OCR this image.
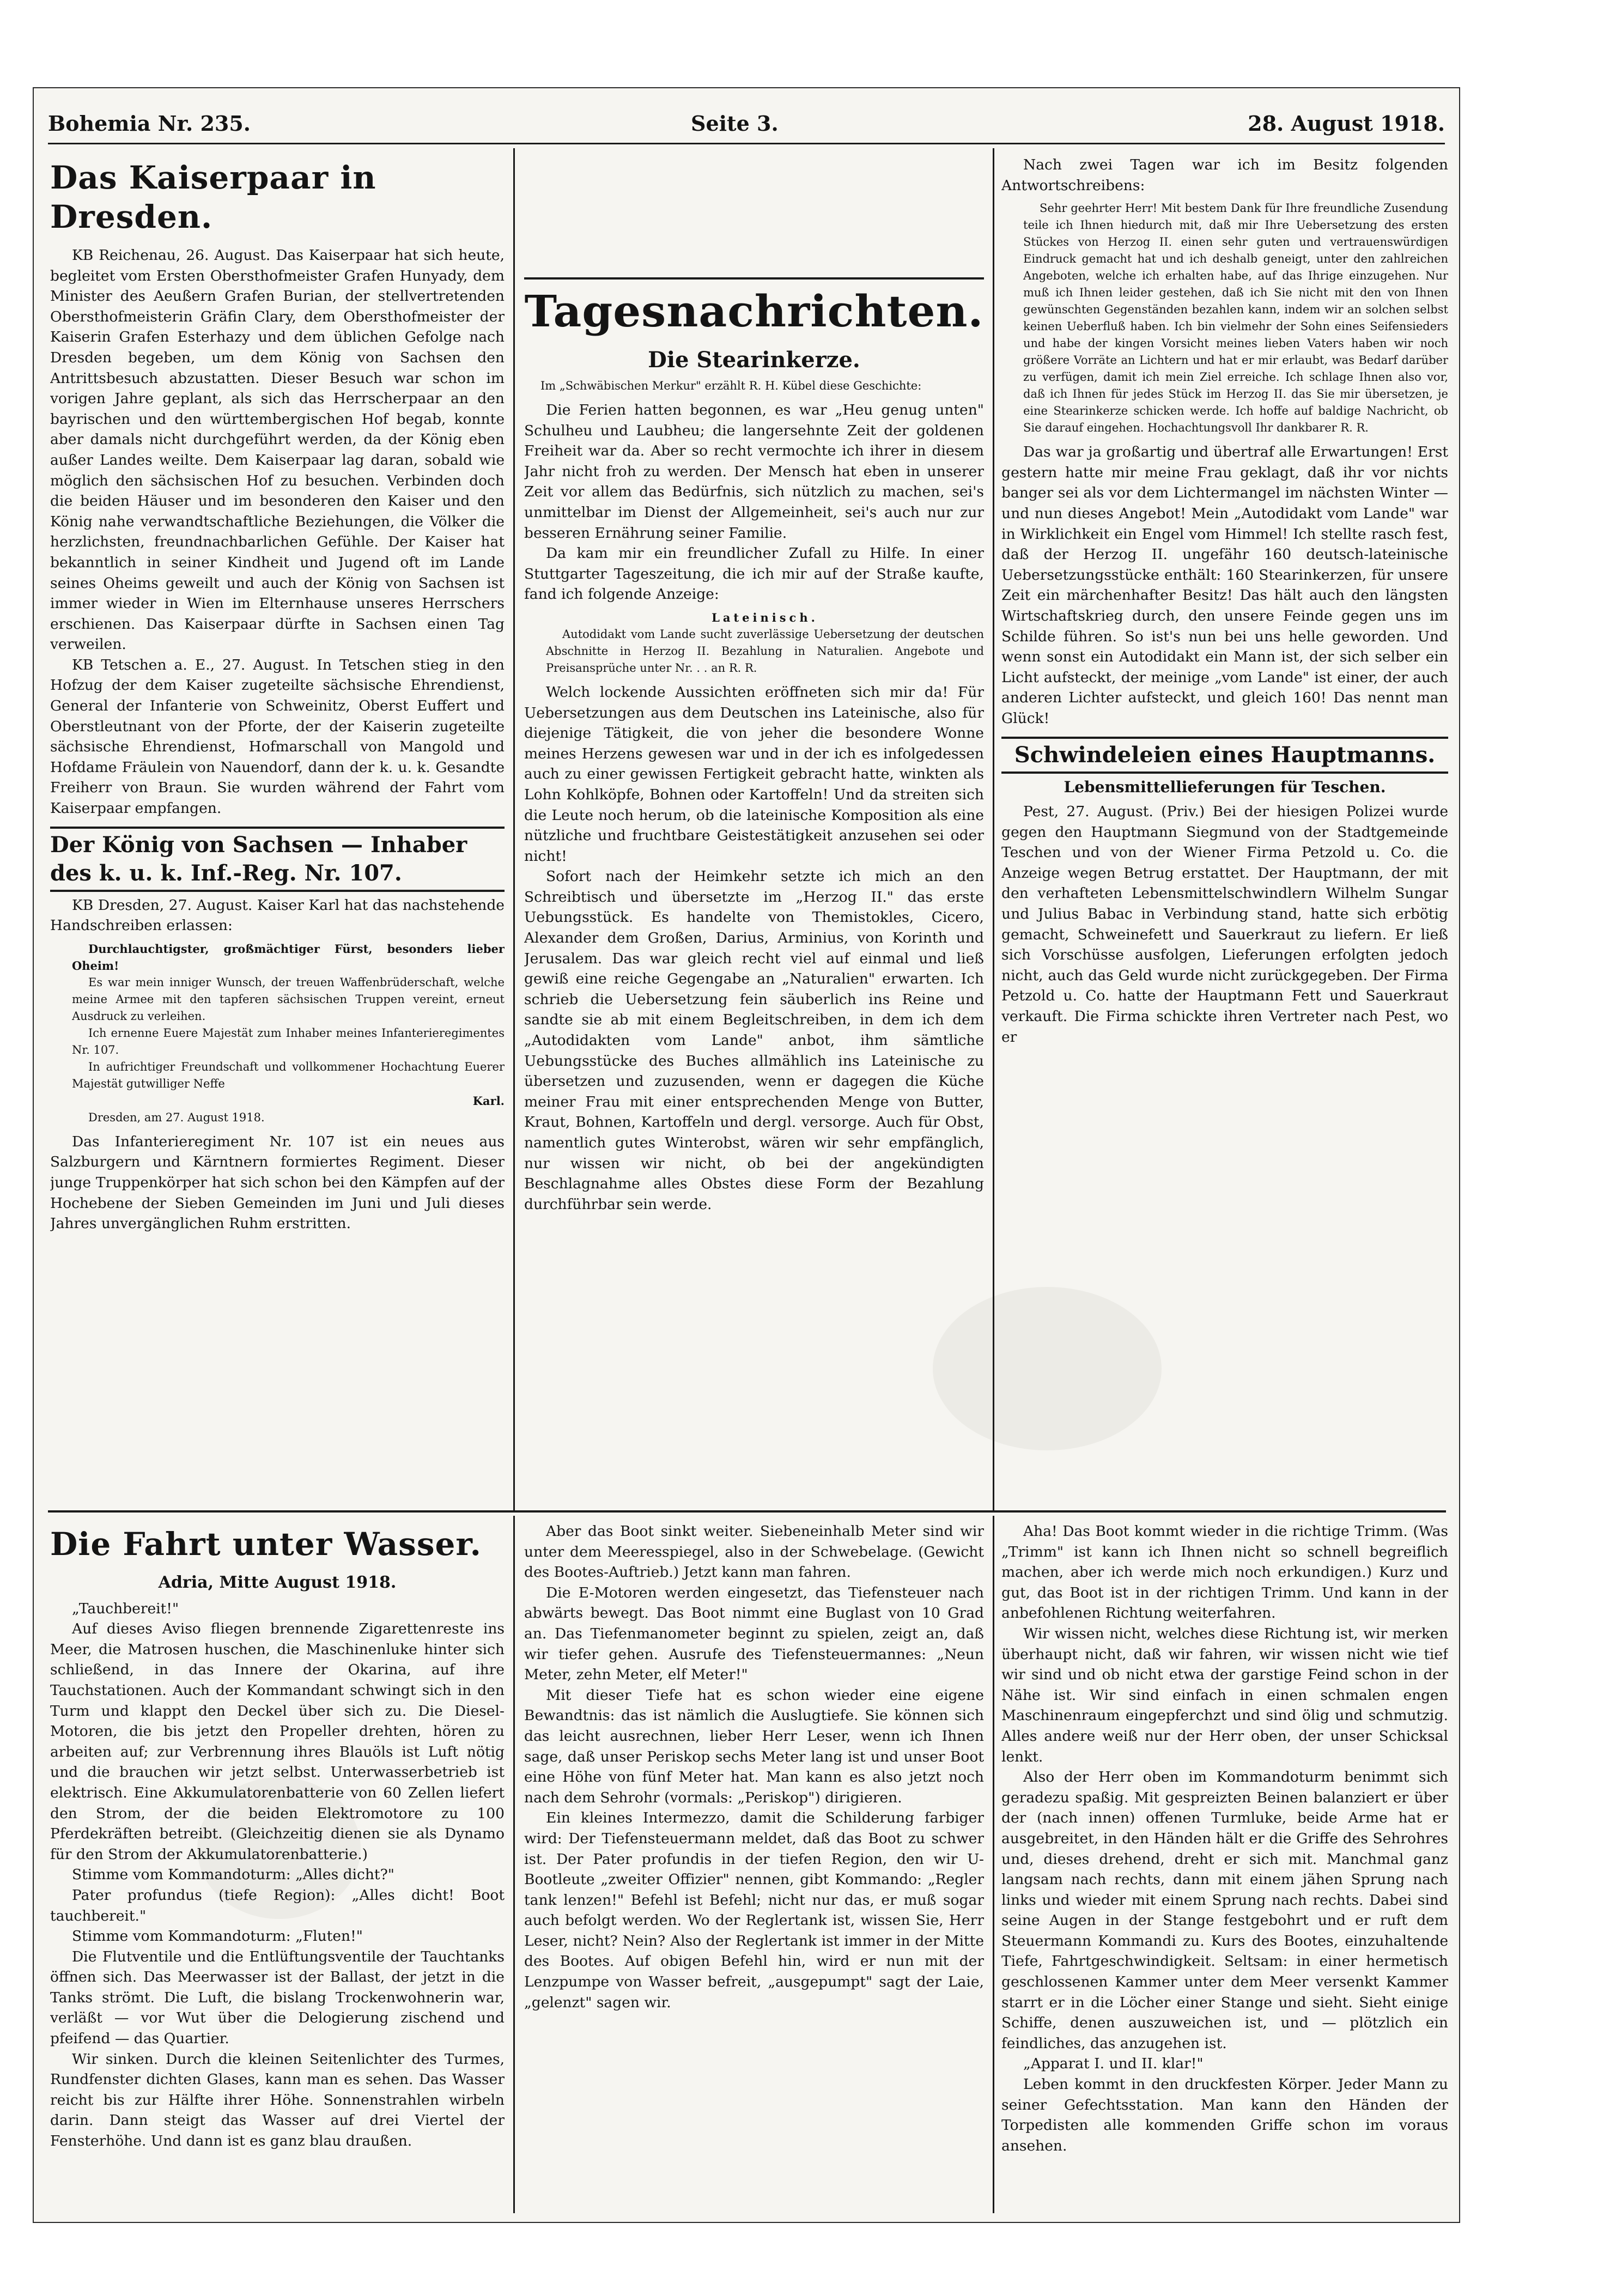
Bohemia Nr. 235.	Seite 3.	28. August 1918.
Das Kaiserpaar in Dresden.

KB Reichenau, 26. August. Das Kaiserpaar hat sich heute, begleitet vom Ersten Obersthofmeister Grafen Hunyady, dem Minister des Aeußern Grafen Burian, der stellvertretenden Obersthofmeisterin Gräfin Clary, dem Obersthofmeister der Kaiserin Grafen Esterhazy und dem üblichen Gefolge nach Dresden begeben, um dem König von Sachsen den Antrittsbesuch abzustatten. Dieser Besuch war schon im vorigen Jahre geplant, als sich das Herrscherpaar an den bayrischen und den württembergischen Hof begab, konnte aber damals nicht durchgeführt werden, da der König eben außer Landes weilte. Dem Kaiserpaar lag daran, sobald wie möglich den sächsischen Hof zu besuchen. Verbinden doch die beiden Häuser und im besonderen den Kaiser und den König nahe verwandtschaftliche Beziehungen, die Völker die herzlichsten, freundnachbarlichen Gefühle. Der Kaiser hat bekanntlich in seiner Kindheit und Jugend oft im Lande seines Oheims geweilt und auch der König von Sachsen ist immer wieder in Wien im Elternhause unseres Herrschers erschienen. Das Kaiserpaar dürfte in Sachsen einen Tag verweilen.

KB Tetschen a. E., 27. August. In Tetschen stieg in den Hofzug der dem Kaiser zugeteilte sächsische Ehrendienst, General der Infanterie von Schweinitz, Oberst Euffert und Oberstleutnant von der Pforte, der der Kaiserin zugeteilte sächsische Ehrendienst, Hofmarschall von Mangold und Hofdame Fräulein von Nauendorf, dann der k. u. k. Gesandte Freiherr von Braun. Sie wurden während der Fahrt vom Kaiserpaar empfangen.

Der König von Sachsen — Inhaber des k. u. k. Inf.-Reg. Nr. 107.

KB Dresden, 27. August. Kaiser Karl hat das nachstehende Handschreiben erlassen:

Durchlauchtigster, großmächtiger Fürst, besonders lieber Oheim!

Es war mein inniger Wunsch, der treuen Waffenbrüderschaft, welche meine Armee mit den tapferen sächsischen Truppen vereint, erneut Ausdruck zu verleihen.

Ich ernenne Euere Majestät zum Inhaber meines Infanterieregimentes Nr. 107.

In aufrichtiger Freundschaft und vollkommener Hochachtung Euerer Majestät gutwilliger Neffe

Karl.

Dresden, am 27. August 1918.

Das Infanterieregiment Nr. 107 ist ein neues aus Salzburgern und Kärntnern formiertes Regiment. Dieser junge Truppenkörper hat sich schon bei den Kämpfen auf der Hochebene der Sieben Gemeinden im Juni und Juli dieses Jahres unvergänglichen Ruhm erstritten.

Tagesnachrichten.
Die Stearinkerze.
Im „Schwäbischen Merkur" erzählt R. H. Kübel diese Geschichte:

Die Ferien hatten begonnen, es war „Heu genug unten" Schulheu und Laubheu; die langersehnte Zeit der goldenen Freiheit war da. Aber so recht vermochte ich ihrer in diesem Jahr nicht froh zu werden. Der Mensch hat eben in unserer Zeit vor allem das Bedürfnis, sich nützlich zu machen, sei's unmittelbar im Dienst der Allgemeinheit, sei's auch nur zur besseren Ernährung seiner Familie.

Da kam mir ein freundlicher Zufall zu Hilfe. In einer Stuttgarter Tageszeitung, die ich mir auf der Straße kaufte, fand ich folgende Anzeige:

Lateinisch.

Autodidakt vom Lande sucht zuverlässige Uebersetzung der deutschen Abschnitte in Herzog II. Bezahlung in Naturalien. Angebote und Preisansprüche unter Nr. . . an R. R.

Welch lockende Aussichten eröffneten sich mir da! Für Uebersetzungen aus dem Deutschen ins Lateinische, also für diejenige Tätigkeit, die von jeher die besondere Wonne meines Herzens gewesen war und in der ich es infolgedessen auch zu einer gewissen Fertigkeit gebracht hatte, winkten als Lohn Kohlköpfe, Bohnen oder Kartoffeln! Und da streiten sich die Leute noch herum, ob die lateinische Komposition als eine nützliche und fruchtbare Geistestätigkeit anzusehen sei oder nicht!

Sofort nach der Heimkehr setzte ich mich an den Schreibtisch und übersetzte im „Herzog II." das erste Uebungsstück. Es handelte von Themistokles, Cicero, Alexander dem Großen, Darius, Arminius, von Korinth und Jerusalem. Das war gleich recht viel auf einmal und ließ gewiß eine reiche Gegengabe an „Naturalien" erwarten. Ich schrieb die Uebersetzung fein säuberlich ins Reine und sandte sie ab mit einem Begleitschreiben, in dem ich dem „Autodidakten vom Lande" anbot, ihm sämtliche Uebungsstücke des Buches allmählich ins Lateinische zu übersetzen und zuzusenden, wenn er dagegen die Küche meiner Frau mit einer entsprechenden Menge von Butter, Kraut, Bohnen, Kartoffeln und dergl. versorge. Auch für Obst, namentlich gutes Winterobst, wären wir sehr empfänglich, nur wissen wir nicht, ob bei der angekündigten Beschlagnahme alles Obstes diese Form der Bezahlung durchführbar sein werde.

Nach zwei Tagen war ich im Besitz folgenden Antwortschreibens:

Sehr geehrter Herr! Mit bestem Dank für Ihre freundliche Zusendung teile ich Ihnen hiedurch mit, daß mir Ihre Uebersetzung des ersten Stückes von Herzog II. einen sehr guten und vertrauenswürdigen Eindruck gemacht hat und ich deshalb geneigt, unter den zahlreichen Angeboten, welche ich erhalten habe, auf das Ihrige einzugehen. Nur muß ich Ihnen leider gestehen, daß ich Sie nicht mit den von Ihnen gewünschten Gegenständen bezahlen kann, indem wir an solchen selbst keinen Ueberfluß haben. Ich bin vielmehr der Sohn eines Seifensieders und habe der kingen Vorsicht meines lieben Vaters haben wir noch größere Vorräte an Lichtern und hat er mir erlaubt, was Bedarf darüber zu verfügen, damit ich mein Ziel erreiche. Ich schlage Ihnen also vor, daß ich Ihnen für jedes Stück im Herzog II. das Sie mir übersetzen, je eine Stearinkerze schicken werde. Ich hoffe auf baldige Nachricht, ob Sie darauf eingehen. Hochachtungsvoll Ihr dankbarer R. R.

Das war ja großartig und übertraf alle Erwartungen! Erst gestern hatte mir meine Frau geklagt, daß ihr vor nichts banger sei als vor dem Lichtermangel im nächsten Winter — und nun dieses Angebot! Mein „Autodidakt vom Lande" war in Wirklichkeit ein Engel vom Himmel! Ich stellte rasch fest, daß der Herzog II. ungefähr 160 deutsch-lateinische Uebersetzungsstücke enthält: 160 Stearinkerzen, für unsere Zeit ein märchenhafter Besitz! Das hält auch den längsten Wirtschaftskrieg durch, den unsere Feinde gegen uns im Schilde führen. So ist's nun bei uns helle geworden. Und wenn sonst ein Autodidakt ein Mann ist, der sich selber ein Licht aufsteckt, der meinige „vom Lande" ist einer, der auch anderen Lichter aufsteckt, und gleich 160! Das nennt man Glück!

Schwindeleien eines Hauptmanns.
Lebensmittellieferungen für Teschen.

Pest, 27. August. (Priv.) Bei der hiesigen Polizei wurde gegen den Hauptmann Siegmund von der Stadtgemeinde Teschen und von der Wiener Firma Petzold u. Co. die Anzeige wegen Betrug erstattet. Der Hauptmann, der mit den verhafteten Lebensmittelschwindlern Wilhelm Sungar und Julius Babac in Verbindung stand, hatte sich erbötig gemacht, Schweinefett und Sauerkraut zu liefern. Er ließ sich Vorschüsse ausfolgen, Lieferungen erfolgten jedoch nicht, auch das Geld wurde nicht zurückgegeben. Der Firma Petzold u. Co. hatte der Hauptmann Fett und Sauerkraut verkauft. Die Firma schickte ihren Vertreter nach Pest, wo er

Die Fahrt unter Wasser.
Adria, Mitte August 1918.

„Tauchbereit!"

Auf dieses Aviso fliegen brennende Zigarettenreste ins Meer, die Matrosen huschen, die Maschinenluke hinter sich schließend, in das Innere der Okarina, auf ihre Tauchstationen. Auch der Kommandant schwingt sich in den Turm und klappt den Deckel über sich zu. Die Diesel-Motoren, die bis jetzt den Propeller drehten, hören zu arbeiten auf; zur Verbrennung ihres Blauöls ist Luft nötig und die brauchen wir jetzt selbst. Unterwasserbetrieb ist elektrisch. Eine Akkumulatorenbatterie von 60 Zellen liefert den Strom, der die beiden Elektromotore zu 100 Pferdekräften betreibt. (Gleichzeitig dienen sie als Dynamo für den Strom der Akkumulatorenbatterie.)

Stimme vom Kommandoturm: „Alles dicht?"

Pater profundus (tiefe Region): „Alles dicht! Boot tauchbereit."

Stimme vom Kommandoturm: „Fluten!"

Die Flutventile und die Entlüftungsventile der Tauchtanks öffnen sich. Das Meerwasser ist der Ballast, der jetzt in die Tanks strömt. Die Luft, die bislang Trockenwohnerin war, verläßt — vor Wut über die Delogierung zischend und pfeifend — das Quartier.

Wir sinken. Durch die kleinen Seitenlichter des Turmes, Rundfenster dichten Glases, kann man es sehen. Das Wasser reicht bis zur Hälfte ihrer Höhe. Sonnenstrahlen wirbeln darin. Dann steigt das Wasser auf drei Viertel der Fensterhöhe. Und dann ist es ganz blau draußen.

Aber das Boot sinkt weiter. Siebeneinhalb Meter sind wir unter dem Meeresspiegel, also in der Schwebelage. (Gewicht des Bootes-Auftrieb.) Jetzt kann man fahren.

Die E-Motoren werden eingesetzt, das Tiefensteuer nach abwärts bewegt. Das Boot nimmt eine Buglast von 10 Grad an. Das Tiefenmanometer beginnt zu spielen, zeigt an, daß wir tiefer gehen. Ausrufe des Tiefensteuermannes: „Neun Meter, zehn Meter, elf Meter!"

Mit dieser Tiefe hat es schon wieder eine eigene Bewandtnis: das ist nämlich die Auslugtiefe. Sie können sich das leicht ausrechnen, lieber Herr Leser, wenn ich Ihnen sage, daß unser Periskop sechs Meter lang ist und unser Boot eine Höhe von fünf Meter hat. Man kann es also jetzt noch nach dem Sehrohr (vormals: „Periskop") dirigieren.

Ein kleines Intermezzo, damit die Schilderung farbiger wird: Der Tiefensteuermann meldet, daß das Boot zu schwer ist. Der Pater profundis in der tiefen Region, den wir U-Bootleute „zweiter Offizier" nennen, gibt Kommando: „Regler tank lenzen!" Befehl ist Befehl; nicht nur das, er muß sogar auch befolgt werden. Wo der Reglertank ist, wissen Sie, Herr Leser, nicht? Nein? Also der Reglertank ist immer in der Mitte des Bootes. Auf obigen Befehl hin, wird er nun mit der Lenzpumpe von Wasser befreit, „ausgepumpt" sagt der Laie, „gelenzt" sagen wir.

Aha! Das Boot kommt wieder in die richtige Trimm. (Was „Trimm" ist kann ich Ihnen nicht so schnell begreiflich machen, aber ich werde mich noch erkundigen.) Kurz und gut, das Boot ist in der richtigen Trimm. Und kann in der anbefohlenen Richtung weiterfahren.

Wir wissen nicht, welches diese Richtung ist, wir merken überhaupt nicht, daß wir fahren, wir wissen nicht wie tief wir sind und ob nicht etwa der garstige Feind schon in der Nähe ist. Wir sind einfach in einen schmalen engen Maschinenraum eingepferchzt und sind ölig und schmutzig. Alles andere weiß nur der Herr oben, der unser Schicksal lenkt.

Also der Herr oben im Kommandoturm benimmt sich geradezu spaßig. Mit gespreizten Beinen balanziert er über der (nach innen) offenen Turmluke, beide Arme hat er ausgebreitet, in den Händen hält er die Griffe des Sehrohres und, dieses drehend, dreht er sich mit. Manchmal ganz langsam nach rechts, dann mit einem jähen Sprung nach links und wieder mit einem Sprung nach rechts. Dabei sind seine Augen in der Stange festgebohrt und er ruft dem Steuermann Kommandi zu. Kurs des Bootes, einzuhaltende Tiefe, Fahrtgeschwindigkeit. Seltsam: in einer hermetisch geschlossenen Kammer unter dem Meer versenkt Kammer starrt er in die Löcher einer Stange und sieht. Sieht einige Schiffe, denen auszuweichen ist, und — plötzlich ein feindliches, das anzugehen ist.

„Apparat I. und II. klar!"

Leben kommt in den druckfesten Körper. Jeder Mann zu seiner Gefechtsstation. Man kann den Händen der Torpedisten alle kommenden Griffe schon im voraus ansehen.
